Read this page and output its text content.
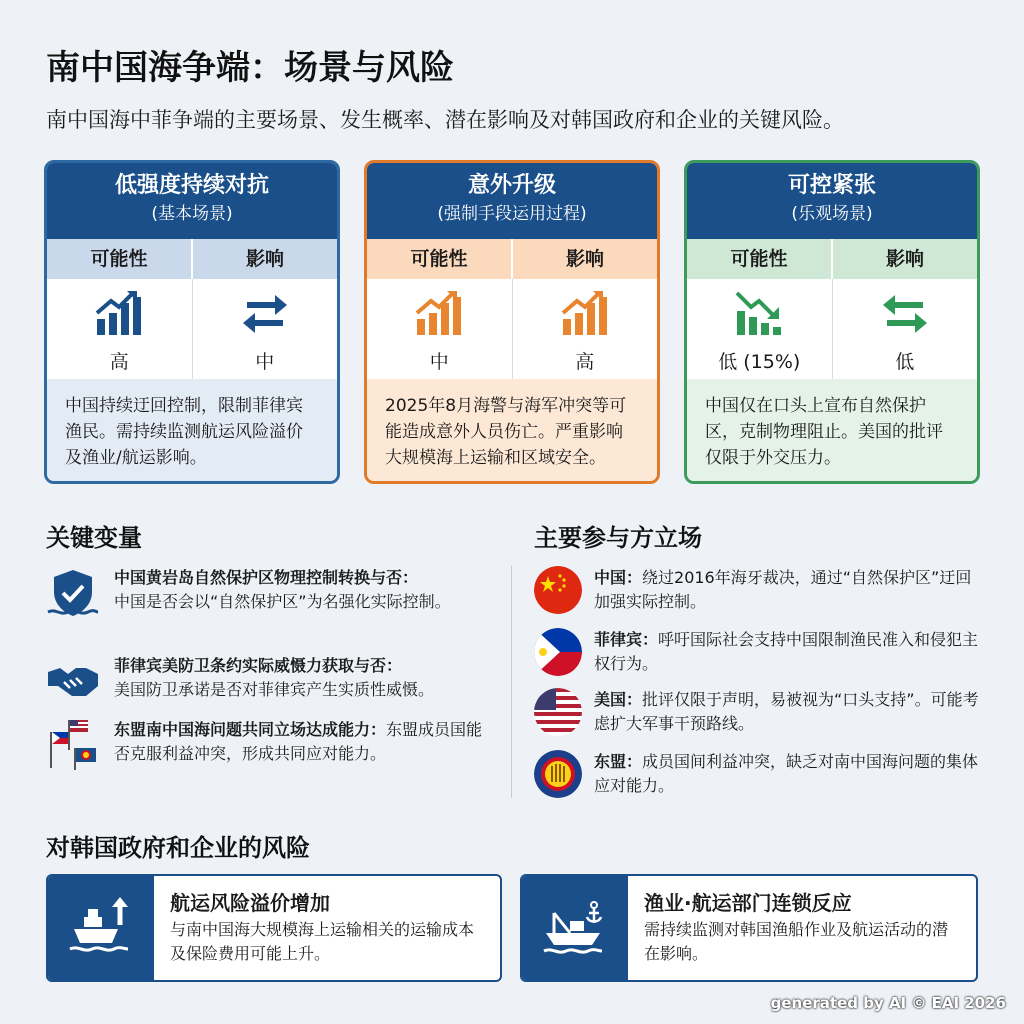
南中国海争端：场景与风险
南中国海中菲争端的主要场景、发生概率、潜在影响及对韩国政府和企业的关键风险。
低强度持续对抗
(基本场景)
可能性	影响
高	中
中国持续迂回控制，限制菲律宾渔民。需持续监测航运风险溢价及渔业/航运影响。
意外升级
(强制手段运用过程)
可能性	影响
中	高
2025年8月海警与海军冲突等可能造成意外人员伤亡。严重影响大规模海上运输和区域安全。
可控紧张
(乐观场景)
可能性	影响
低 (15%)	低
中国仅在口头上宣布自然保护区，克制物理阻止。美国的批评仅限于外交压力。
关键变量
中国黄岩岛自然保护区物理控制转换与否：
中国是否会以“自然保护区”为名强化实际控制。
菲律宾美防卫条约实际威慑力获取与否：
美国防卫承诺是否对菲律宾产生实质性威慑。
东盟南中国海问题共同立场达成能力：东盟成员国能否克服利益冲突，形成共同应对能力。
主要参与方立场
中国：绕过2016年海牙裁决，通过“自然保护区”迂回加强实际控制。
菲律宾：呼吁国际社会支持中国限制渔民准入和侵犯主权行为。
美国：批评仅限于声明，易被视为“口头支持”。可能考虑扩大军事干预路线。
东盟：成员国间利益冲突，缺乏对南中国海问题的集体应对能力。
对韩国政府和企业的风险
航运风险溢价增加
与南中国海大规模海上运输相关的运输成本及保险费用可能上升。
渔业·航运部门连锁反应
需持续监测对韩国渔船作业及航运活动的潜在影响。
generated by AI © EAI 2026
